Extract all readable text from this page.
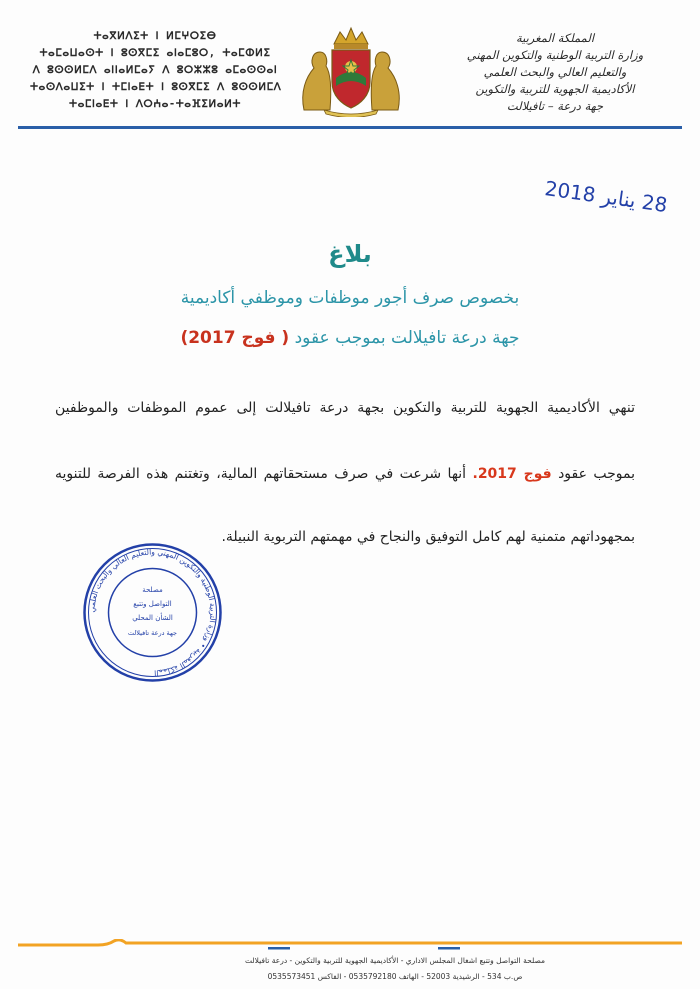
ⵜⴰⴳⵍⴷⵉⵜ ⵏ ⵍⵎⵖⵔⵉⴱ
ⵜⴰⵎⴰⵡⴰⵙⵜ ⵏ ⵓⵙⴳⵎⵉ ⴰⵏⴰⵎⵓⵔ, ⵜⴰⵎⵀⵍⵉ
ⴷ ⵓⵙⵙⵍⵎⴷ ⴰⵏⵏⴰⵍⵎⴰⵢ ⴷ ⵓⵔⵣⵣⵓ ⴰⵎⴰⵙⵙⴰⵏ
ⵜⴰⵙⴷⴰⵡⵉⵜ ⵏ ⵜⵎⵏⴰⴹⵜ ⵏ ⵓⵙⴳⵎⵉ ⴷ ⵓⵙⵙⵍⵎⴷ
ⵜⴰⵎⵏⴰⴹⵜ ⵏ ⴷⵔⵄⴰ-ⵜⴰⴼⵉⵍⴰⵍⵜ
المملكة المغربية
وزارة التربية الوطنية والتكوين المهني
والتعليم العالي والبحث العلمي
الأكاديمية الجهوية للتربية والتكوين
جهة درعة – تافيلالت
28 يناير 2018
بلاغ
بخصوص صرف أجور موظفات وموظفي أكاديمية
جهة درعة تافيلالت بموجب عقود ( فوج 2017)
تنهي الأكاديمية الجهوية للتربية والتكوين بجهة درعة تافيلالت إلى عموم الموظفات والموظفين
بموجب عقود فوج 2017. أنها شرعت في صرف مستحقاتهم المالية، وتغتنم هذه الفرصة للتنويه
بمجهوداتهم متمنية لهم كامل التوفيق والنجاح في مهمتهم التربوية النبيلة.
المملكة المغربية • وزارة التربية الوطنية والتكوين المهني والتعليم العالي والبحث العلمي
مصلحة
التواصل وتتبع
الشأن المحلي
جهة درعة تافيلالت
مصلحة التواصل وتتبع اشغال المجلس الاداري - الأكاديمية الجهوية للتربية والتكوين - درعة تافيلالت
ص.ب 534 - الرشيدية 52003 - الهاتف 0535792180 - الفاكس 0535573451
